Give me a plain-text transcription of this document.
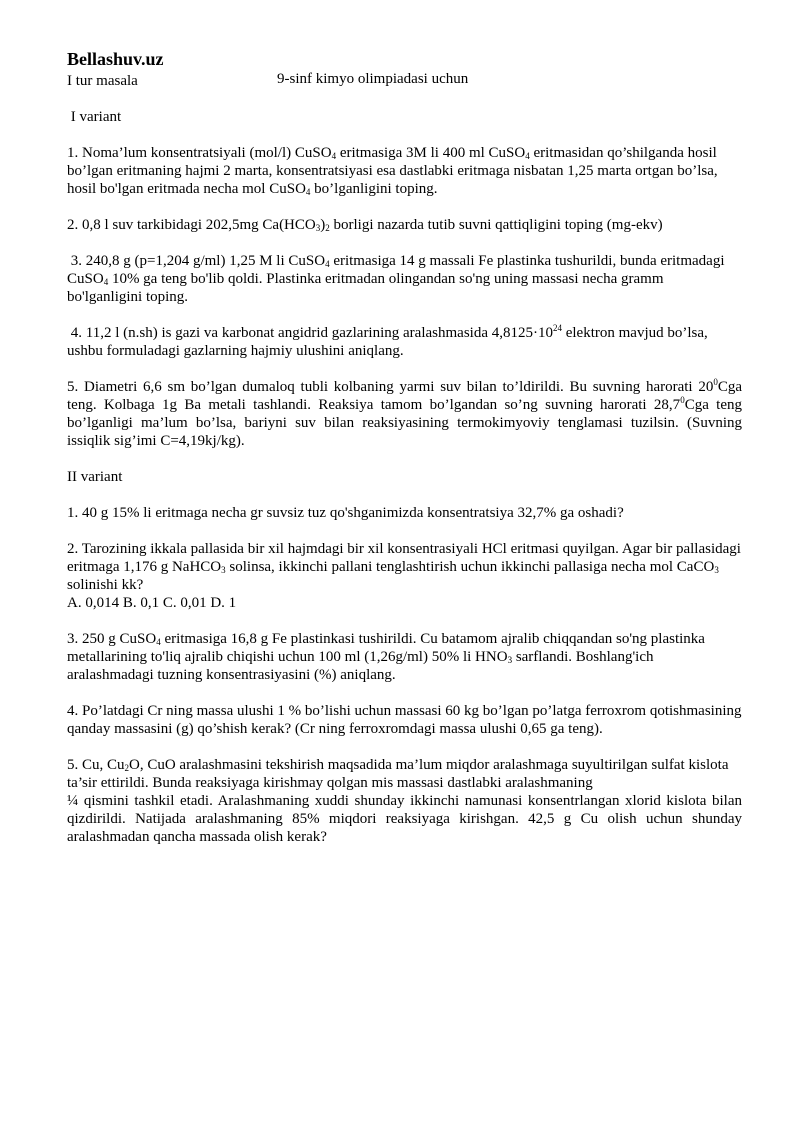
Bellashuv.uz
9-sinf kimyo olimpiadasi uchun
I tur masala
I variant
1. Noma’lum konsentratsiyali (mol/l) CuSO$_4$ eritmasiga 3M li 400 ml CuSO$_4$ eritmasidan qo’shilganda hosil bo’lgan eritmaning hajmi 2 marta, konsentratsiyasi esa dastlabki eritmaga nisbatan 1,25 marta ortgan bo’lsa, hosil bo'lgan eritmada necha mol CuSO$_4$ bo’lganligini toping.
2. 0,8 l suv tarkibidagi 202,5mg $Ca(HCO_3)_2$ borligi nazarda tutib suvni qattiqligini toping (mg-ekv)
3. 240,8 g (p=1,204 g/ml) 1,25 M li CuSO$_4$ eritmasiga 14 g massali Fe plastinka tushurildi, bunda eritmadagi CuSO$_4$ 10% ga teng bo'lib qoldi. Plastinka eritmadan olingandan so'ng uning massasi necha gramm bo'lganligini toping.
4. 11,2 l (n.sh) is gazi va karbonat angidrid gazlarining aralashmasida $4,8125\cdot 10^{24}$ elektron mavjud bo’lsa, ushbu formuladagi gazlarning hajmiy ulushini aniqlang.
5. Diametri 6,6 sm bo’lgan dumaloq tubli kolbaning yarmi suv bilan to’ldirildi. Bu suvning harorati $20^0Cga$ teng. Kolbaga 1g Ba metali tashlandi. Reaksiya tamom bo’lgandan so’ng suvning harorati 28,7$^0$Cga teng bo’lganligi ma’lum bo’lsa, bariyni suv bilan reaksiyasining termokimyoviy tenglamasi tuzilsin. (Suvning issiqlik sig’imi C=4,19kj/kg).
II variant
1. 40 g 15% li eritmaga necha gr suvsiz tuz qo'shganimizda konsentratsiya 32,7% ga oshadi?
2. Tarozining ikkala pallasida bir xil hajmdagi bir xil konsentrasiyali HCl eritmasi quyilgan. Agar bir pallasidagi eritmaga 1,176 g NaHCO$_3$ solinsa, ikkinchi pallani tenglashtirish uchun ikkinchi pallasiga necha mol CaCO$_3$ solinishi kk?
A. 0,014 B. 0,1 C. 0,01 D. 1
3. 250 g CuSO$_4$ eritmasiga 16,8 g Fe plastinkasi tushirildi. Cu batamom ajralib chiqqandan so'ng plastinka metallarining to'liq ajralib chiqishi uchun 100 ml (1,26g/ml) 50% li $HNO_3$ sarflandi. Boshlang'ich aralashmadagi tuzning konsentrasiyasini (%) aniqlang.
4. Po’latdagi Cr ning massa ulushi 1 % bo’lishi uchun massasi 60 kg bo’lgan po’latga ferroxrom qotishmasining qanday massasini (g) qo’shish kerak? (Cr ning ferroxromdagi massa ulushi 0,65 ga teng).
5. Cu, $Cu_2O$, CuO aralashmasini tekshirish maqsadida ma’lum miqdor aralashmaga suyultirilgan sulfat kislota ta’sir ettirildi. Bunda reaksiyaga kirishmay qolgan mis massasi dastlabki aralashmaning
¼ qismini tashkil etadi. Aralashmaning xuddi shunday ikkinchi namunasi konsentrlangan xlorid kislota bilan qizdirildi. Natijada aralashmaning 85% miqdori reaksiyaga kirishgan. 42,5 g Cu olish uchun shunday aralashmadan qancha massada olish kerak?
